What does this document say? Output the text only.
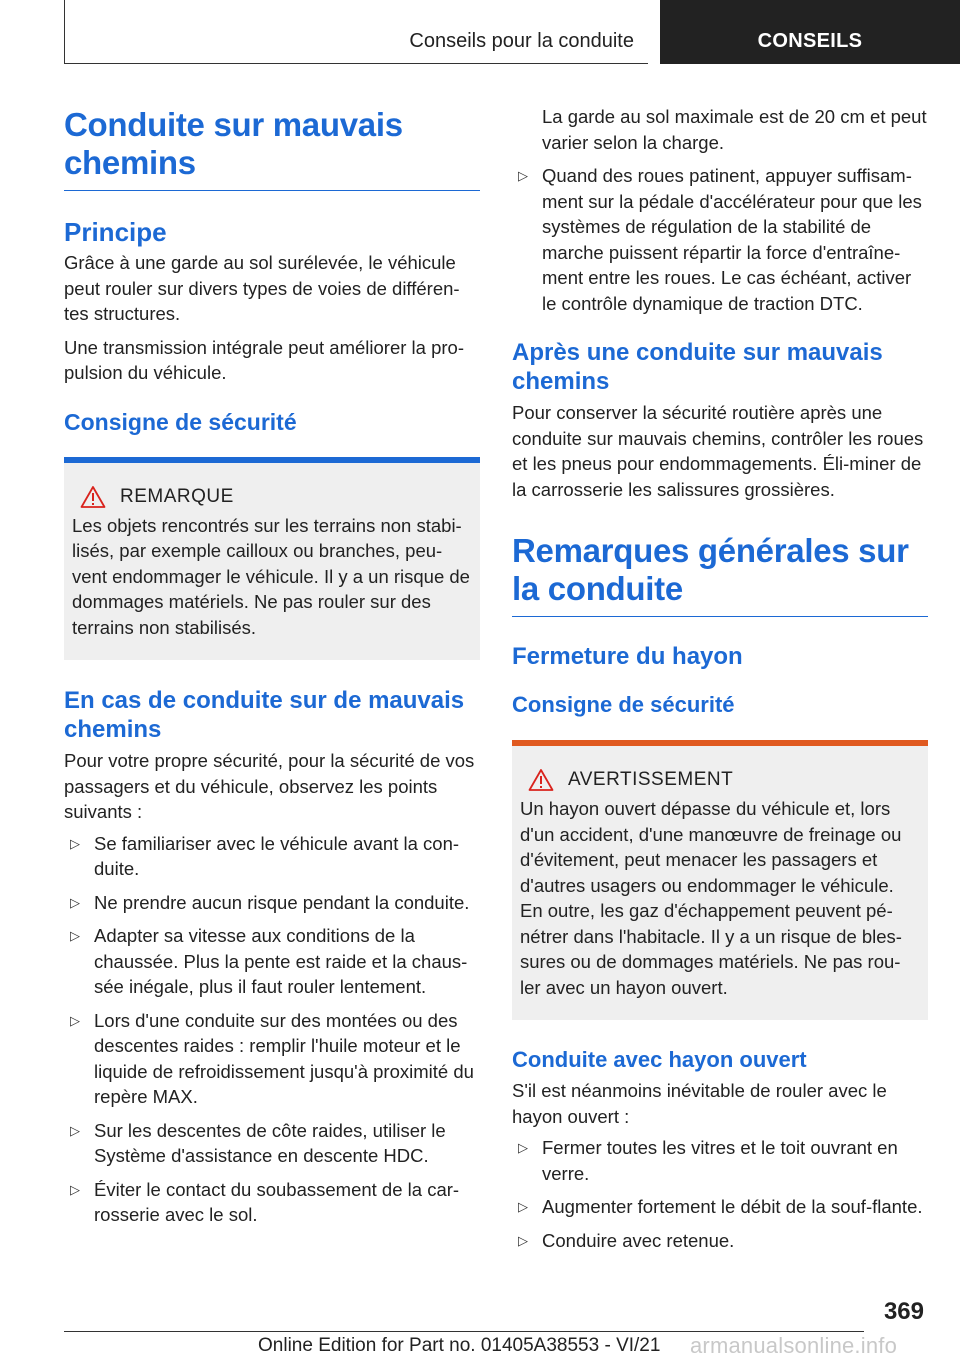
Conseils pour la conduite	CONSEILS
Conduite sur mauvais chemins
Principe

Grâce à une garde au sol surélevée, le véhicule peut rouler sur divers types de voies de différen-tes structures.

Une transmission intégrale peut améliorer la pro-pulsion du véhicule.

Consigne de sécurité
REMARQUE

Les objets rencontrés sur les terrains non stabi-lisés, par exemple cailloux ou branches, peu-vent endommager le véhicule. Il y a un risque de dommages matériels. Ne pas rouler sur des terrains non stabilisés.

En cas de conduite sur de mauvais chemins

Pour votre propre sécurité, pour la sécurité de vos passagers et du véhicule, observez les points suivants :

▷ Se familiariser avec le véhicule avant la con-duite.
▷ Ne prendre aucun risque pendant la conduite.
▷ Adapter sa vitesse aux conditions de la chaussée. Plus la pente est raide et la chaus-sée inégale, plus il faut rouler lentement.
▷ Lors d'une conduite sur des montées ou des descentes raides : remplir l'huile moteur et le liquide de refroidissement jusqu'à proximité du repère MAX.
▷ Sur les descentes de côte raides, utiliser le Système d'assistance en descente HDC.
▷ Éviter le contact du soubassement de la car-rosserie avec le sol.

La garde au sol maximale est de 20 cm et peut varier selon la charge.

▷ Quand des roues patinent, appuyer suffisam-ment sur la pédale d'accélérateur pour que les systèmes de régulation de la stabilité de marche puissent répartir la force d'entraîne-ment entre les roues. Le cas échéant, activer le contrôle dynamique de traction DTC.
Après une conduite sur mauvais chemins

Pour conserver la sécurité routière après une conduite sur mauvais chemins, contrôler les roues et les pneus pour endommagements. Éli-miner de la carrosserie les salissures grossières.

Remarques générales sur la conduite
Fermeture du hayon
Consigne de sécurité
AVERTISSEMENT

Un hayon ouvert dépasse du véhicule et, lors d'un accident, d'une manœuvre de freinage ou d'évitement, peut menacer les passagers et d'autres usagers ou endommager le véhicule. En outre, les gaz d'échappement peuvent pé-nétrer dans l'habitacle. Il y a un risque de bles-sures ou de dommages matériels. Ne pas rou-ler avec un hayon ouvert.

Conduite avec hayon ouvert

S'il est néanmoins inévitable de rouler avec le hayon ouvert :

▷ Fermer toutes les vitres et le toit ouvrant en verre.
▷ Augmenter fortement le débit de la souf-flante.
▷ Conduire avec retenue.
369
Online Edition for Part no. 01405A38553 - VI/21 armanualsonline.info
